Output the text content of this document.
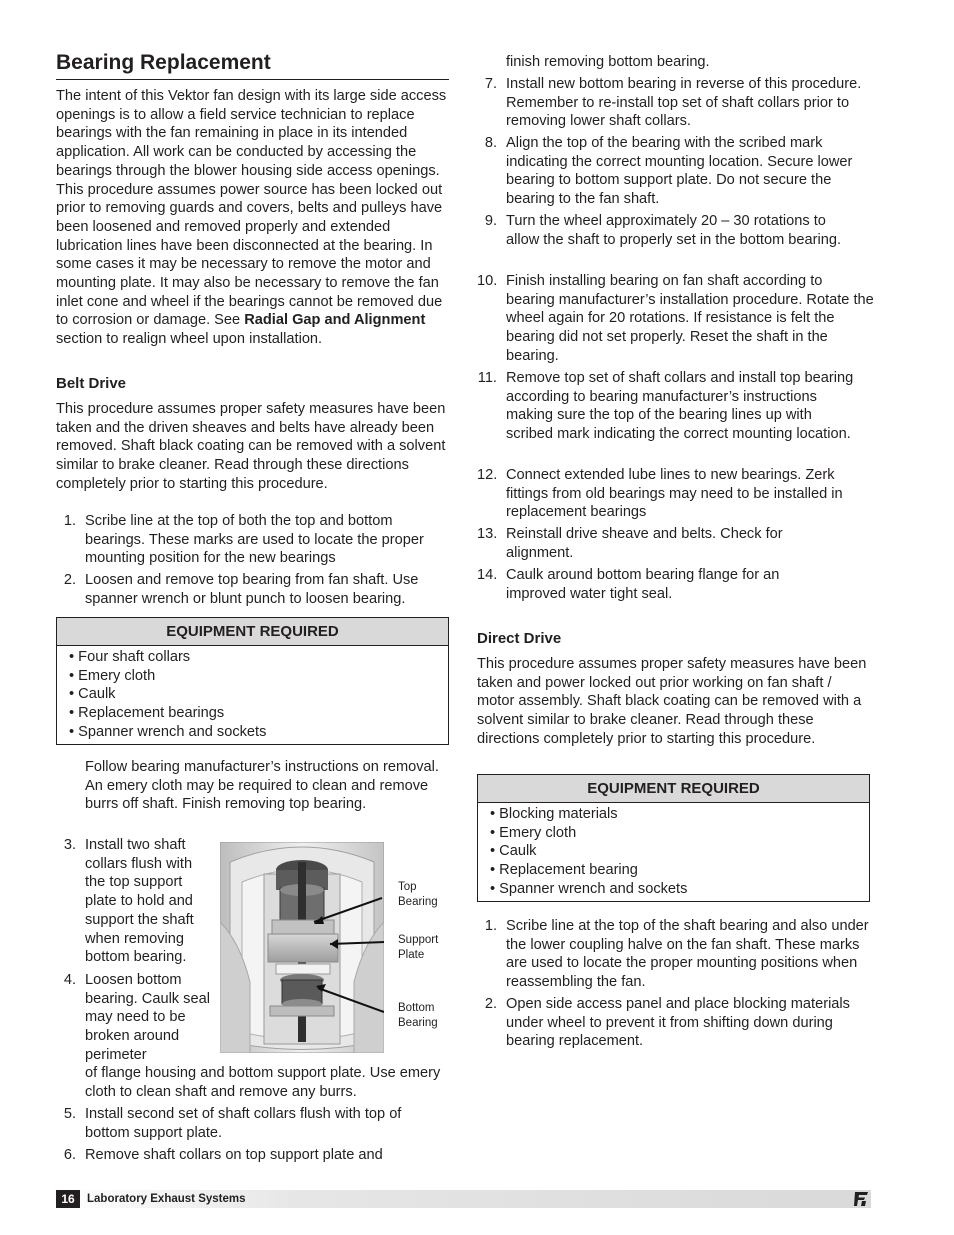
Bearing Replacement

The intent of this Vektor fan design with its large side access openings is to allow a field service technician to replace bearings with the fan remaining in place in its intended application. All work can be conducted by accessing the bearings through the blower housing side access openings. This procedure assumes power source has been locked out prior to removing guards and covers, belts and pulleys have been loosened and removed properly and extended lubrication lines have been disconnected at the bearing. In some cases it may be necessary to remove the motor and mounting plate. It may also be necessary to remove the fan inlet cone and wheel if the bearings cannot be removed due to corrosion or damage. See Radial Gap and Alignment section to realign wheel upon installation.

Belt Drive

This procedure assumes proper safety measures have been taken and the driven sheaves and belts have already been removed. Shaft black coating can be removed with a solvent similar to brake cleaner. Read through these directions completely prior to starting this procedure.

1. Scribe line at the top of both the top and bottom bearings. These marks are used to locate the proper mounting position for the new bearings
2. Loosen and remove top bearing from fan shaft. Use spanner wrench or blunt punch to loosen bearing.
EQUIPMENT REQUIRED
• Four shaft collars
• Emery cloth
• Caulk
• Replacement bearings
• Spanner wrench and sockets

Follow bearing manufacturer’s instructions on removal. An emery cloth may be required to clean and remove burrs off shaft. Finish removing top bearing.

3. Install two shaft collars flush with the top support plate to hold and support the shaft when removing bottom bearing.
4. Loosen bottom bearing. Caulk seal may need to be broken around perimeter

of flange housing and bottom support plate. Use emery cloth to clean shaft and remove any burrs.

5. Install second set of shaft collars flush with top of bottom support plate.
6. Remove shaft collars on top support plate and
Top
Bearing
Support
Plate
Bottom
Bearing

finish removing bottom bearing.

7. Install new bottom bearing in reverse of this procedure. Remember to re-install top set of shaft collars prior to removing lower shaft collars.
8. Align the top of the bearing with the scribed mark indicating the correct mounting location. Secure lower bearing to bottom support plate. Do not secure the bearing to the fan shaft.
9. Turn the wheel approximately 20 – 30 rotations to allow the shaft to properly set in the bottom bearing.
10. Finish installing bearing on fan shaft according to bearing manufacturer’s installation procedure. Rotate the wheel again for 20 rotations. If resistance is felt the bearing did not set properly. Reset the shaft in the bearing.
11. Remove top set of shaft collars and install top bearing according to bearing manufacturer’s instructions making sure the top of the bearing lines up with scribed mark indicating the correct mounting location.
12. Connect extended lube lines to new bearings. Zerk fittings from old bearings may need to be installed in replacement bearings
13. Reinstall drive sheave and belts. Check for alignment.
14. Caulk around bottom bearing flange for an improved water tight seal.
Direct Drive

This procedure assumes proper safety measures have been taken and power locked out prior working on fan shaft / motor assembly. Shaft black coating can be removed with a solvent similar to brake cleaner. Read through these directions completely prior to starting this procedure.

EQUIPMENT REQUIRED
• Blocking materials
• Emery cloth
• Caulk
• Replacement bearing
• Spanner wrench and sockets
1. Scribe line at the top of the shaft bearing and also under the lower coupling halve on the fan shaft. These marks are used to locate the proper mounting positions when reassembling the fan.
2. Open side access panel and place blocking materials under wheel to prevent it from shifting down during bearing replacement.
16	Laboratory Exhaust Systems
